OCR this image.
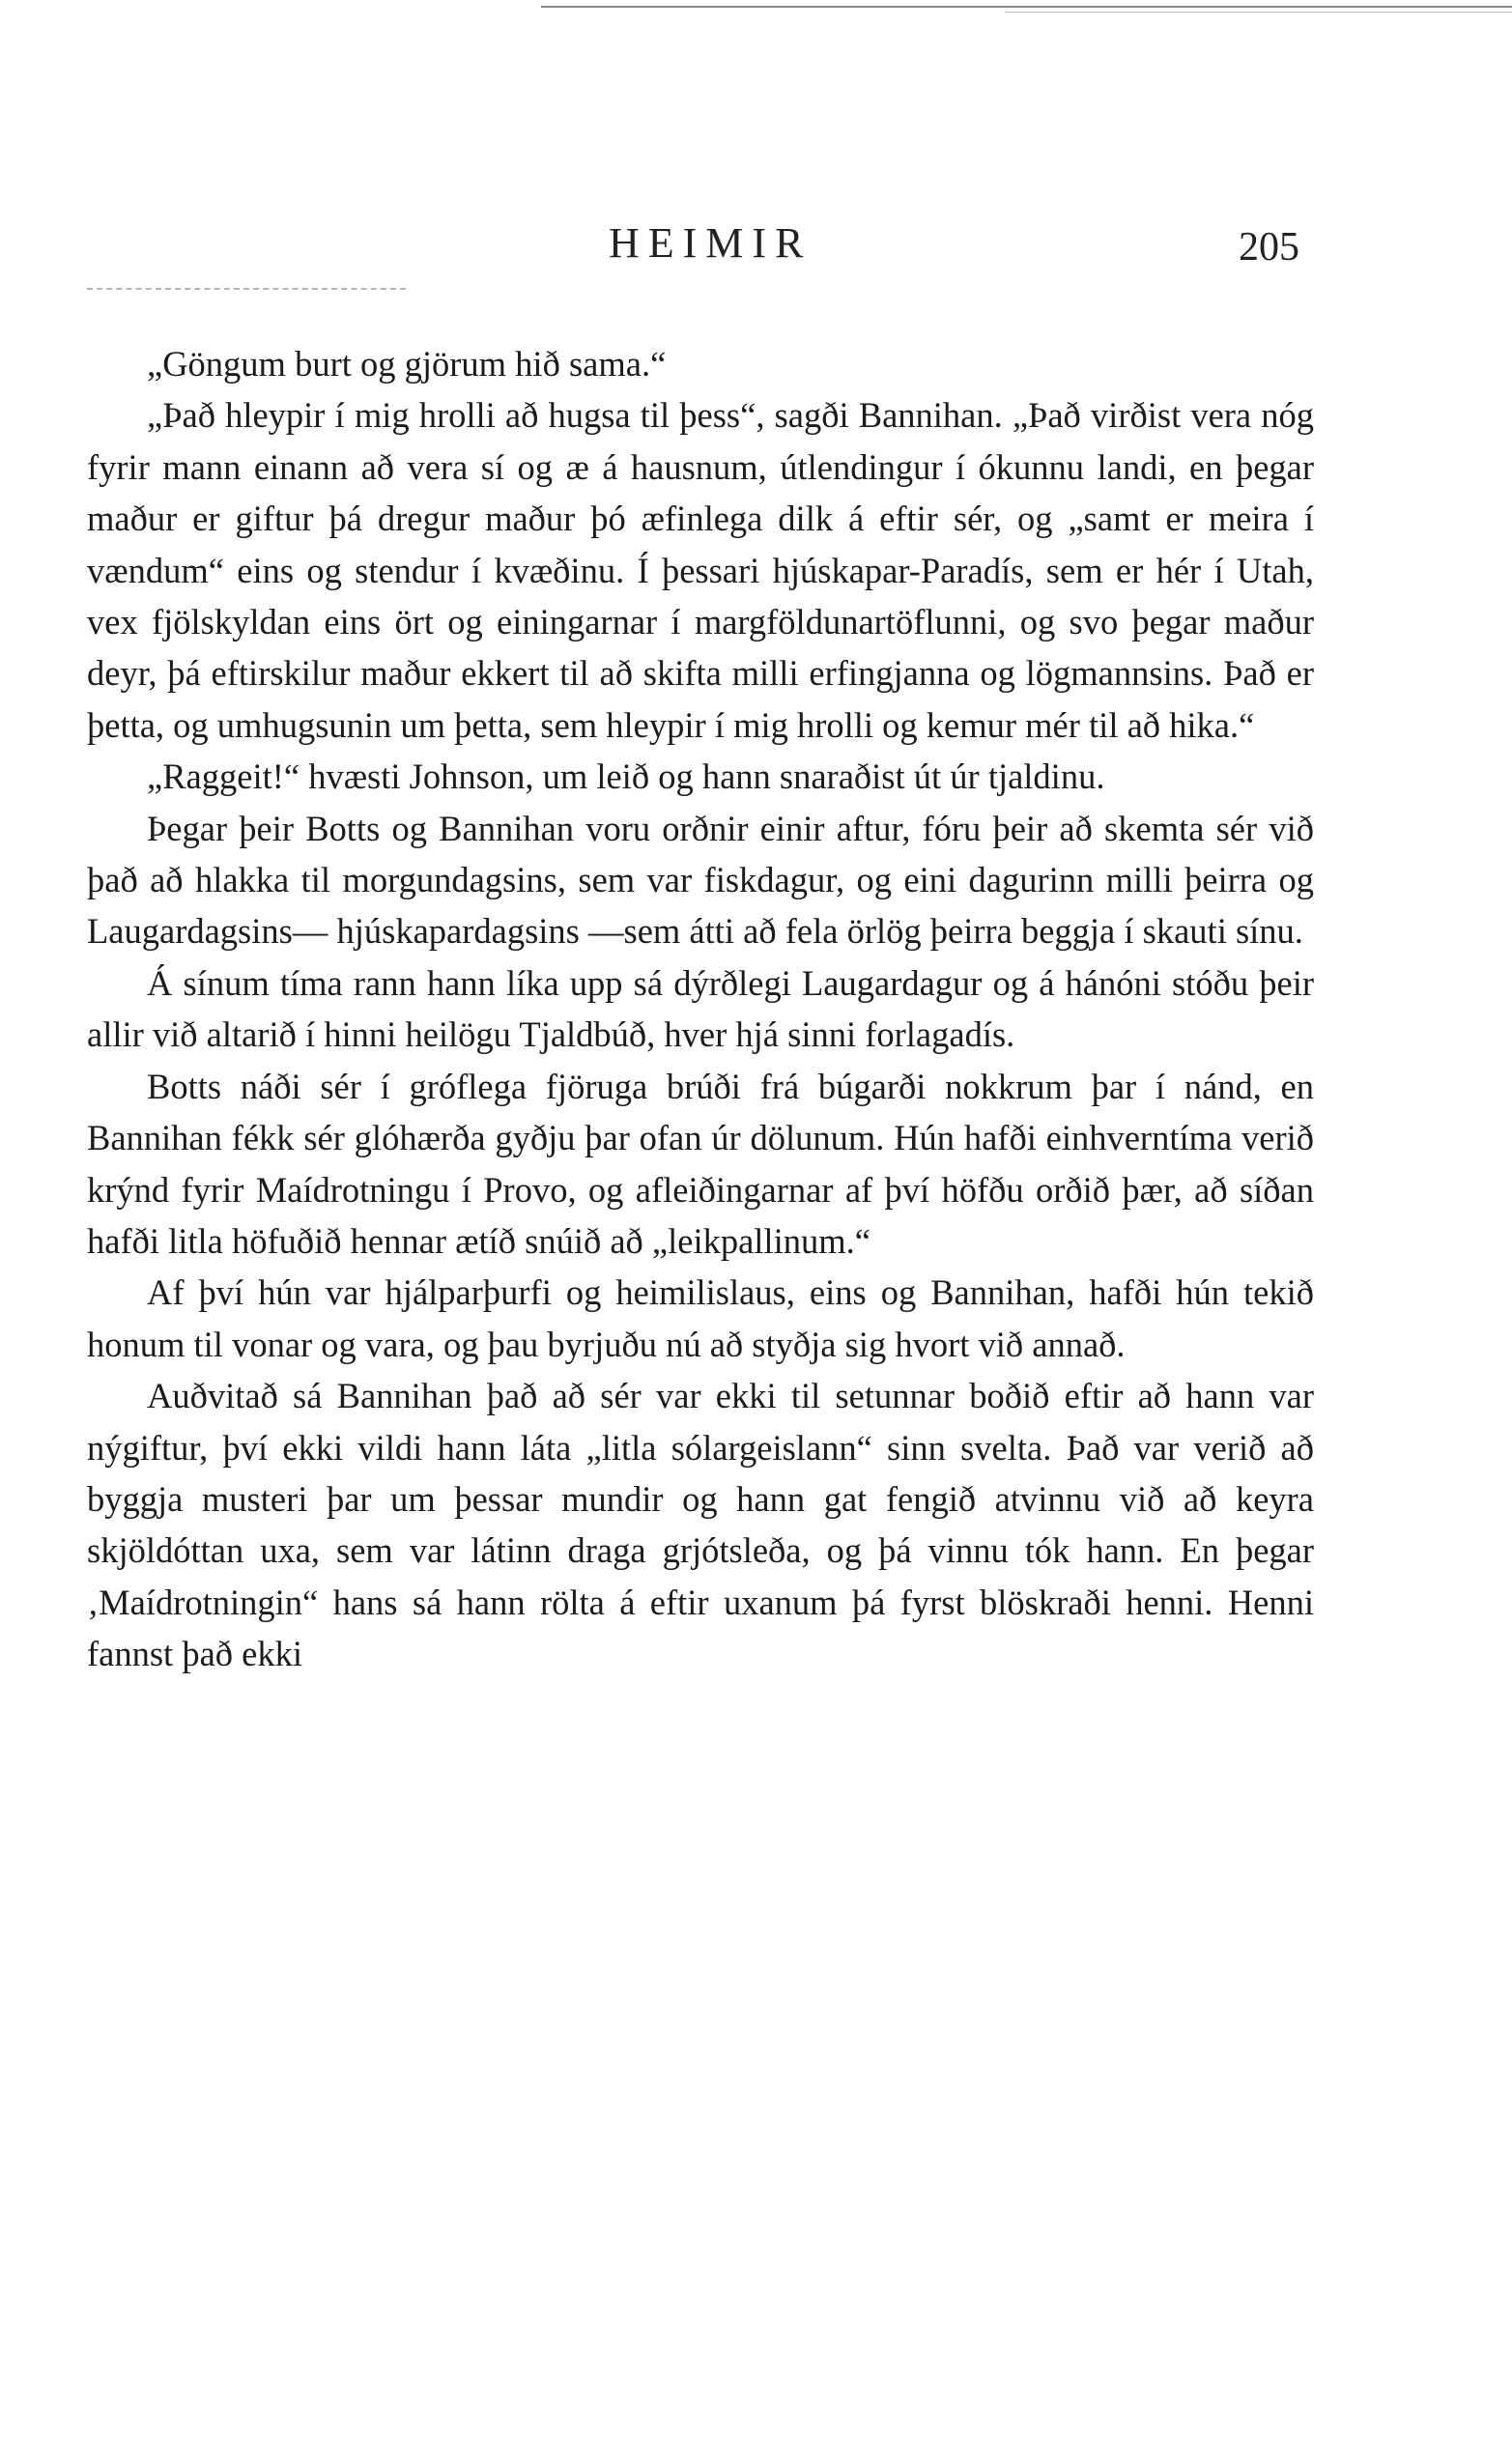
HEIMIR	205

„Göngum burt og gjörum hið sama.“

„Það hleypir í mig hrolli að hugsa til þess“, sagði Bannihan. „Það virðist vera nóg fyrir mann einann að vera sí og æ á hausnum, útlendingur í ókunnu landi, en þegar maður er giftur þá dregur maður þó æfinlega dilk á eftir sér, og „samt er meira í vændum“ eins og stendur í kvæðinu. Í þessari hjúskapar-Paradís, sem er hér í Utah, vex fjölskyldan eins ört og einingarnar í margföldunartöflunni, og svo þegar maður deyr, þá eftirskilur maður ekkert til að skifta milli erfingjanna og lögmannsins. Það er þetta, og umhugsunin um þetta, sem hleypir í mig hrolli og kemur mér til að hika.“

„Raggeit!“ hvæsti Johnson, um leið og hann snaraðist út úr tjaldinu.

Þegar þeir Botts og Bannihan voru orðnir einir aftur, fóru þeir að skemta sér við það að hlakka til morgundagsins, sem var fiskdagur, og eini dagurinn milli þeirra og Laugardagsins— hjúskapardagsins —sem átti að fela örlög þeirra beggja í skauti sínu.

Á sínum tíma rann hann líka upp sá dýrðlegi Laugardagur og á hánóni stóðu þeir allir við altarið í hinni heilögu Tjaldbúð, hver hjá sinni forlagadís.

Botts náði sér í gróflega fjöruga brúði frá búgarði nokkrum þar í nánd, en Bannihan fékk sér glóhærða gyðju þar ofan úr dölunum. Hún hafði einhverntíma verið krýnd fyrir Maídrotningu í Provo, og afleiðingarnar af því höfðu orðið þær, að síðan hafði litla höfuðið hennar ætíð snúið að „leikpallinum.“

Af því hún var hjálparþurfi og heimilislaus, eins og Bannihan, hafði hún tekið honum til vonar og vara, og þau byrjuðu nú að styðja sig hvort við annað.

Auðvitað sá Bannihan það að sér var ekki til setunnar boðið eftir að hann var nýgiftur, því ekki vildi hann láta „litla sólargeislann“ sinn svelta. Það var verið að byggja musteri þar um þessar mundir og hann gat fengið atvinnu við að keyra skjöldóttan uxa, sem var látinn draga grjótsleða, og þá vinnu tók hann. En þegar ‚Maídrotningin“ hans sá hann rölta á eftir uxanum þá fyrst blöskraði henni. Henni fannst það ekki
